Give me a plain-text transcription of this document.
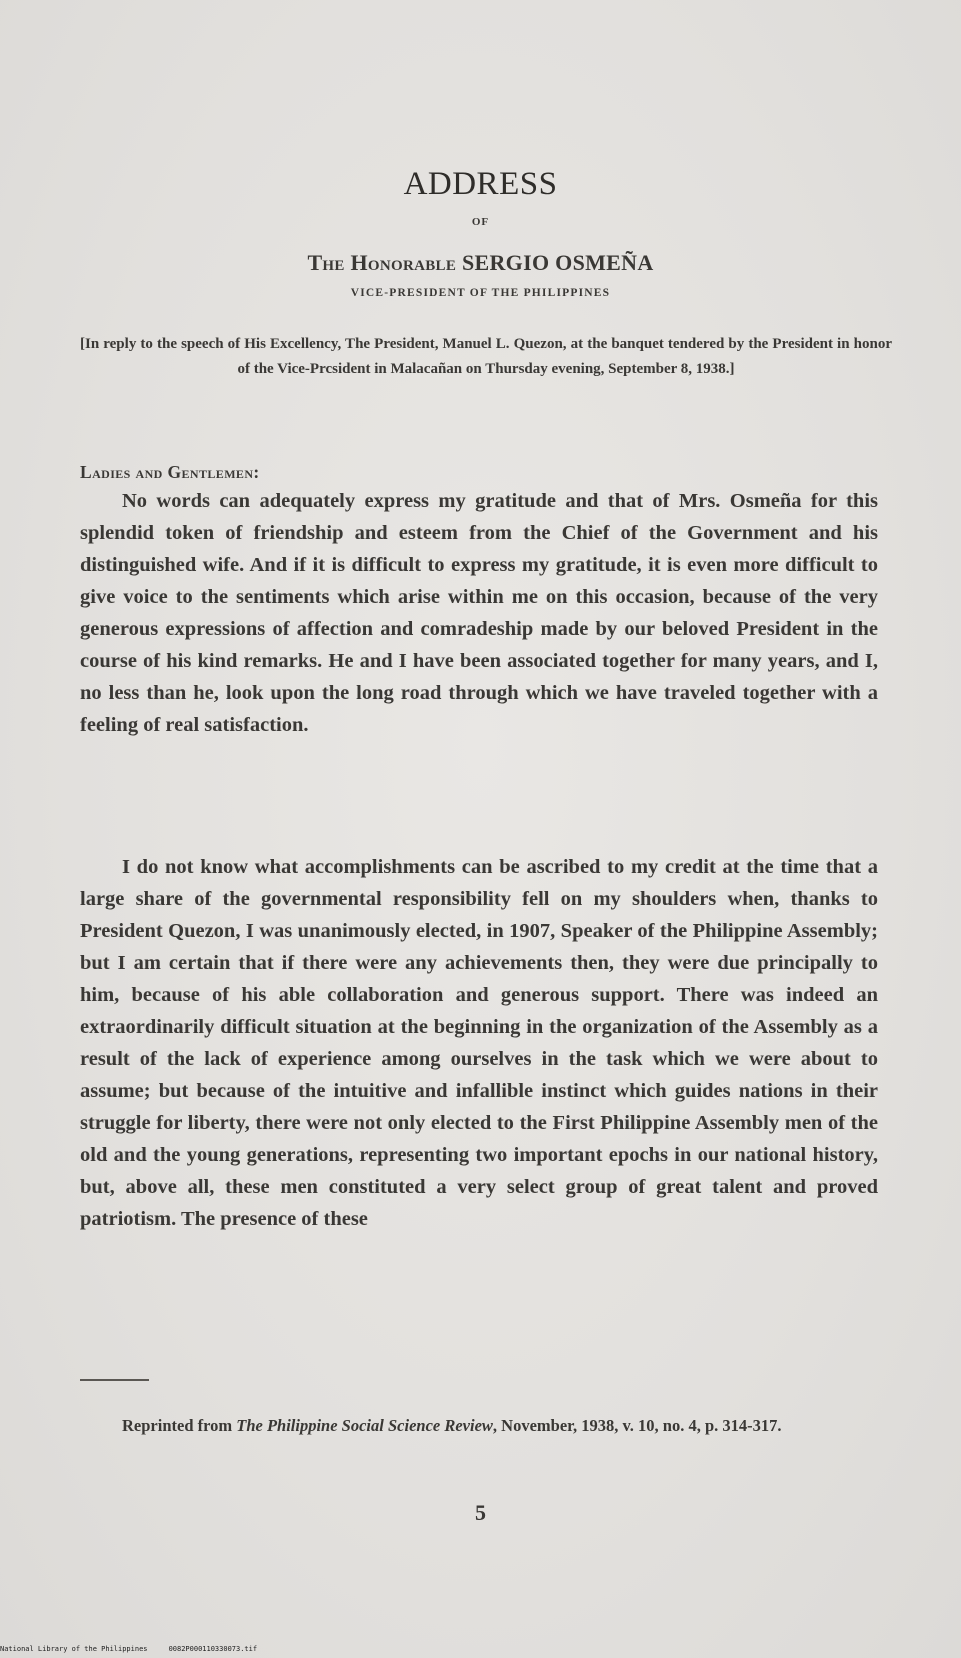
ADDRESS
OF
The Honorable SERGIO OSMEÑA
VICE-PRESIDENT OF THE PHILIPPINES
[In reply to the speech of His Excellency, The President, Manuel L. Quezon, at the banquet tendered by the President in honor of the Vice-Prcsident in Malacañan on Thursday evening, September 8, 1938.]
Ladies and Gentlemen:

No words can adequately express my gratitude and that of Mrs. Osmeña for this splendid token of friendship and esteem from the Chief of the Government and his distinguished wife. And if it is difficult to express my gratitude, it is even more difficult to give voice to the sentiments which arise within me on this occasion, because of the very generous expressions of affection and comradeship made by our beloved President in the course of his kind remarks. He and I have been associated together for many years, and I, no less than he, look upon the long road through which we have traveled together with a feeling of real satisfaction.

I do not know what accomplishments can be ascribed to my credit at the time that a large share of the governmental responsibility fell on my shoulders when, thanks to President Quezon, I was unanimously elected, in 1907, Speaker of the Philippine Assembly; but I am certain that if there were any achievements then, they were due principally to him, because of his able collaboration and generous support. There was indeed an extraordinarily difficult situation at the beginning in the organization of the Assembly as a result of the lack of experience among ourselves in the task which we were about to assume; but because of the intuitive and infallible instinct which guides nations in their struggle for liberty, there were not only elected to the First Philippine Assembly men of the old and the young generations, representing two important epochs in our national history, but, above all, these men constituted a very select group of great talent and proved patriotism. The presence of these

Reprinted from The Philippine Social Science Review, November, 1938, v. 10, no. 4, p. 314-317.
5
National Library of the Philippines     0082P000110330073.tif
